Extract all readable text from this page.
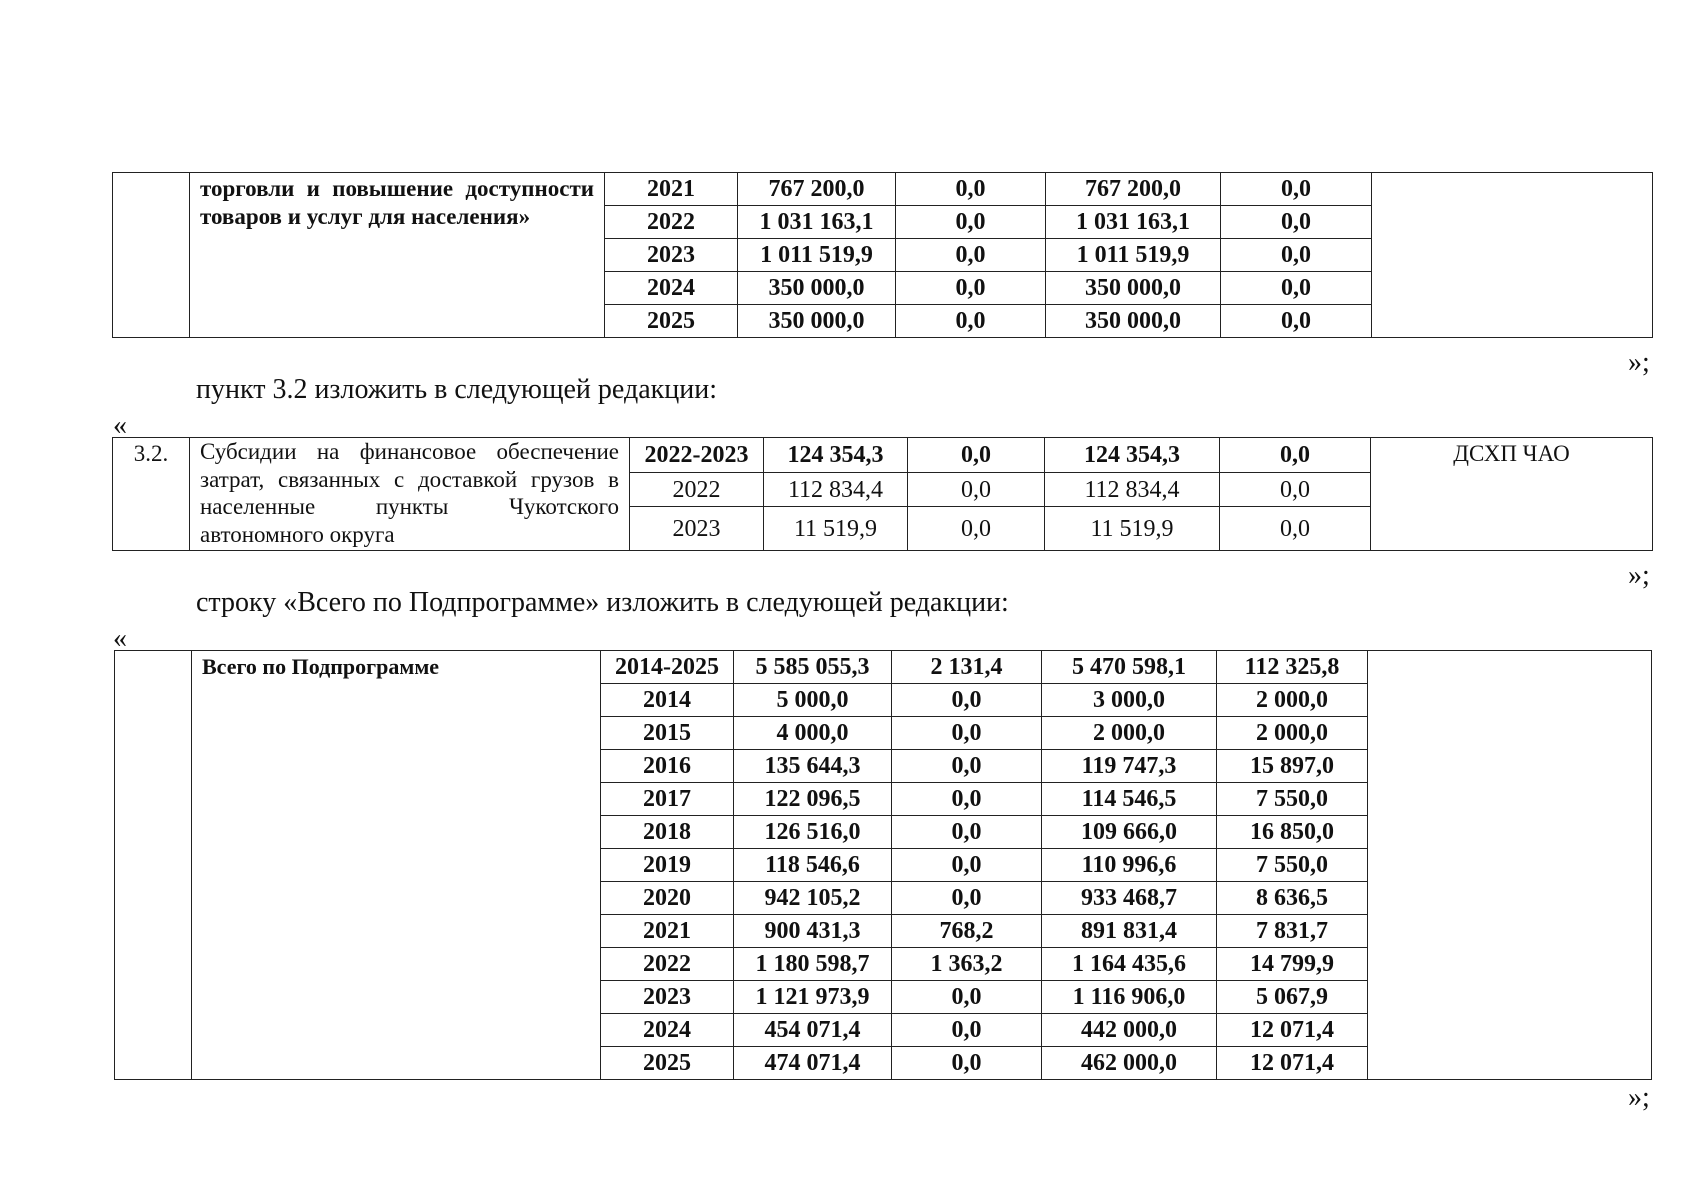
	торговли и повышение доступности товаров и услуг для населения»	2021	767 200,0	0,0	767 200,0	0,0	
		2022	1 031 163,1	0,0	1 031 163,1	0,0	
		2023	1 011 519,9	0,0	1 011 519,9	0,0	
		2024	350 000,0	0,0	350 000,0	0,0	
		2025	350 000,0	0,0	350 000,0	0,0	
»;
пункт 3.2 изложить в следующей редакции:
«
3.2.	Субсидии на финансовое обеспечение затрат, связанных с доставкой грузов в населенные пункты Чукотского автономного округа	2022-2023	124 354,3	0,0	124 354,3	0,0	ДСХП ЧАО
		2022	112 834,4	0,0	112 834,4	0,0	
		2023	11 519,9	0,0	11 519,9	0,0	
»;
строку «Всего по Подпрограмме» изложить в следующей редакции:
«
	Всего по Подпрограмме	2014-2025	5 585 055,3	2 131,4	5 470 598,1	112 325,8	
		2014	5 000,0	0,0	3 000,0	2 000,0	
		2015	4 000,0	0,0	2 000,0	2 000,0	
		2016	135 644,3	0,0	119 747,3	15 897,0	
		2017	122 096,5	0,0	114 546,5	7 550,0	
		2018	126 516,0	0,0	109 666,0	16 850,0	
		2019	118 546,6	0,0	110 996,6	7 550,0	
		2020	942 105,2	0,0	933 468,7	8 636,5	
		2021	900 431,3	768,2	891 831,4	7 831,7	
		2022	1 180 598,7	1 363,2	1 164 435,6	14 799,9	
		2023	1 121 973,9	0,0	1 116 906,0	5 067,9	
		2024	454 071,4	0,0	442 000,0	12 071,4	
		2025	474 071,4	0,0	462 000,0	12 071,4	
»;
